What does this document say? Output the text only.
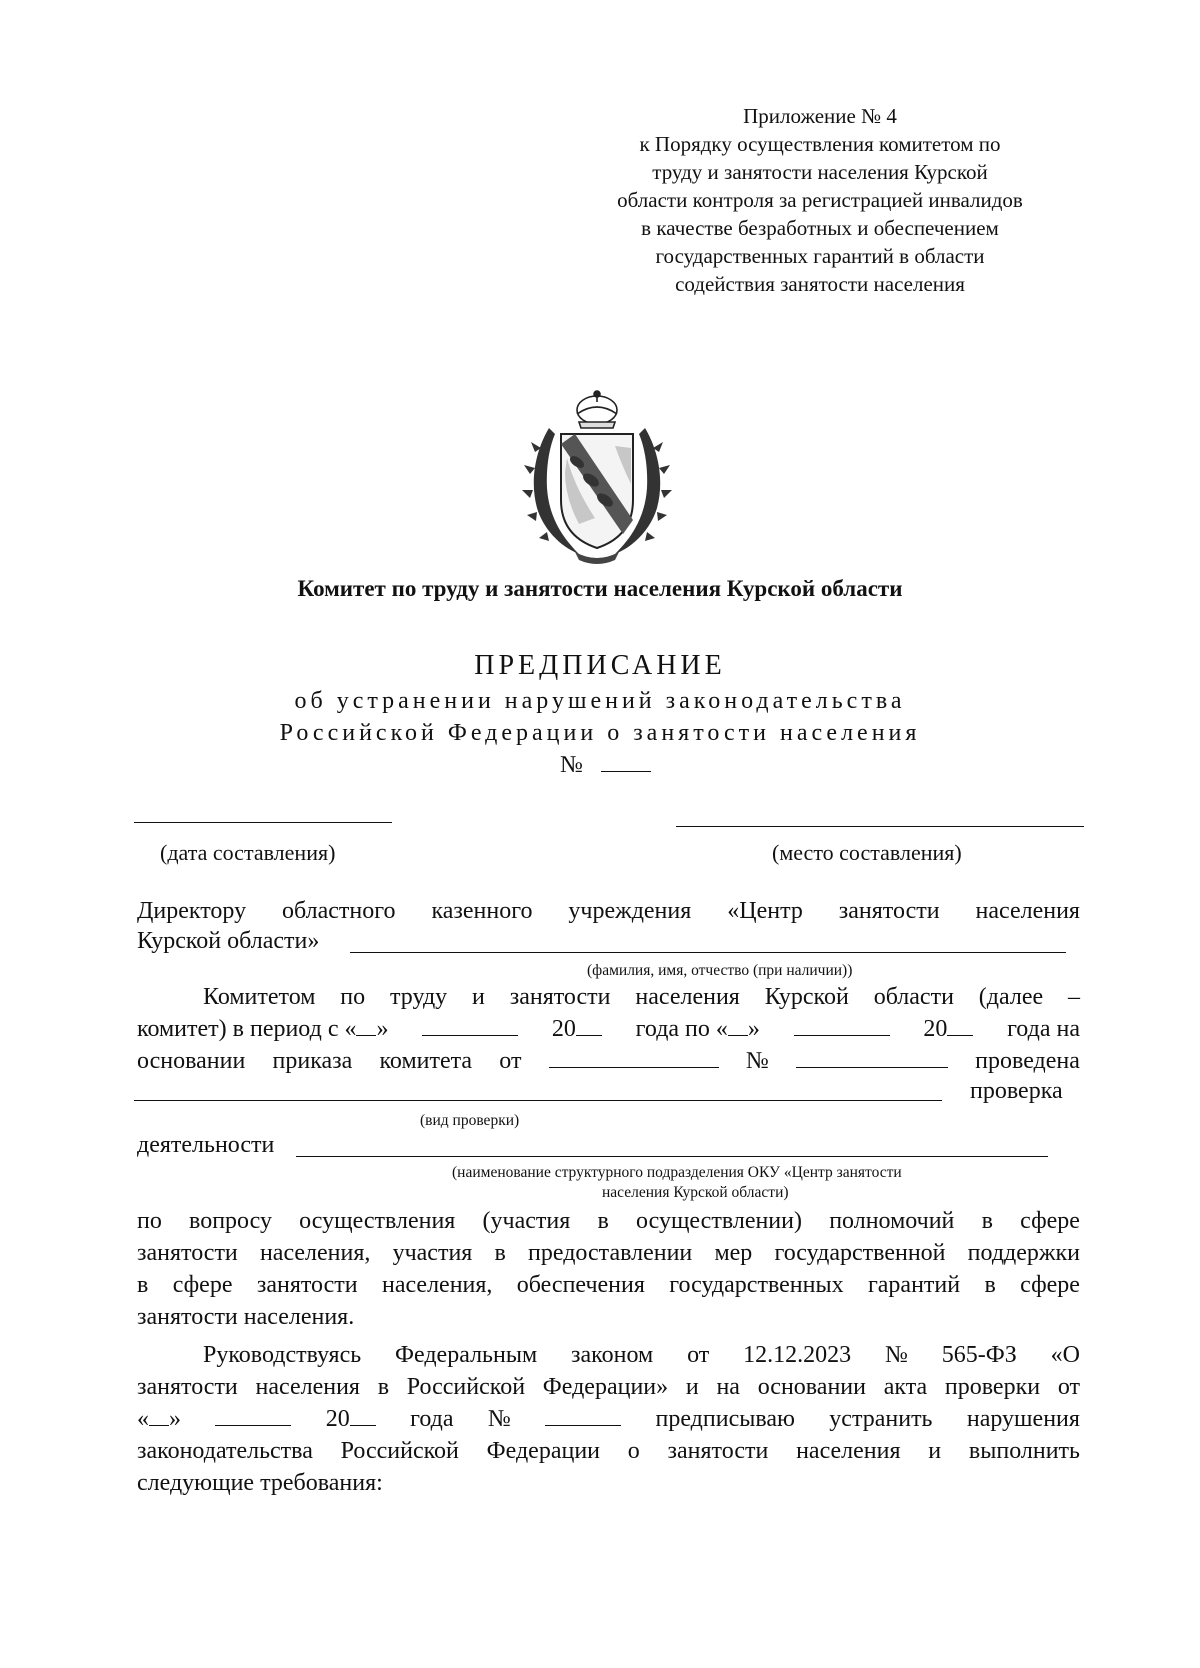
Приложение № 4
к Порядку осуществления комитетом по
труду и занятости населения Курской
области контроля за регистрацией инвалидов
в качестве безработных и обеспечением
государственных гарантий в области
содействия занятости населения
Комитет по труду и занятости населения Курской области
ПРЕДПИСАНИЕ
об устранении нарушений законодательства
Российской Федерации о занятости населения
№
(дата составления)	(место составления)
Директору областного казенного учреждения «Центр занятости населения
Курской области»
(фамилия, имя, отчество (при наличии))
Комитетом по труду и занятости населения Курской области (далее –
комитет) в период с « »	20	года по « »	20	года на
основании приказа комитета от	№	проведена
проверка
(вид проверки)
деятельности
(наименование структурного подразделения ОКУ «Центр занятости
населения Курской области)
по вопросу осуществления (участия в осуществлении) полномочий в сфере
занятости населения, участия в предоставлении мер государственной поддержки
в сфере занятости населения, обеспечения государственных гарантий в сфере
занятости населения.
Руководствуясь Федеральным законом от 12.12.2023 № 565-ФЗ «О
занятости населения в Российской Федерации» и на основании акта проверки от
« »	20	года №	предписываю устранить нарушения
законодательства Российской Федерации о занятости населения и выполнить
следующие требования:
